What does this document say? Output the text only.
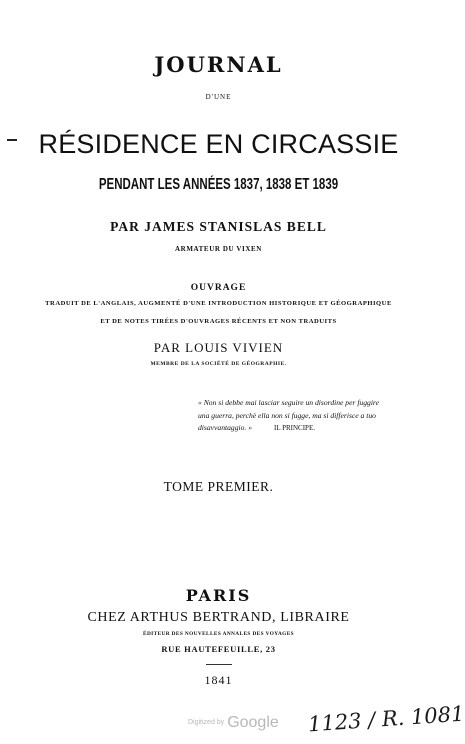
JOURNAL
D'UNE
RÉSIDENCE EN CIRCASSIE
PENDANT LES ANNÉES 1837, 1838 ET 1839
PAR JAMES STANISLAS BELL
ARMATEUR DU VIXEN
OUVRAGE
TRADUIT DE L'ANGLAIS, AUGMENTÉ D'UNE INTRODUCTION HISTORIQUE ET GÉOGRAPHIQUE
ET DE NOTES TIRÉES D'OUVRAGES RÉCENTS ET NON TRADUITS
PAR LOUIS VIVIEN
MEMBRE DE LA SOCIÉTÉ DE GÉOGRAPHIE.
« Non si debbe mai lasciar seguire un disordine per fuggire
una guerra, perchè ella non si fugge, ma si differisce a tuo
disavvantaggio. »	IL PRINCIPE.
TOME PREMIER.
PARIS
CHEZ ARTHUS BERTRAND, LIBRAIRE
ÉDITEUR DES NOUVELLES ANNALES DES VOYAGES
RUE HAUTEFEUILLE, 23
1841
Digitized by Google 1123 / R. 1081
